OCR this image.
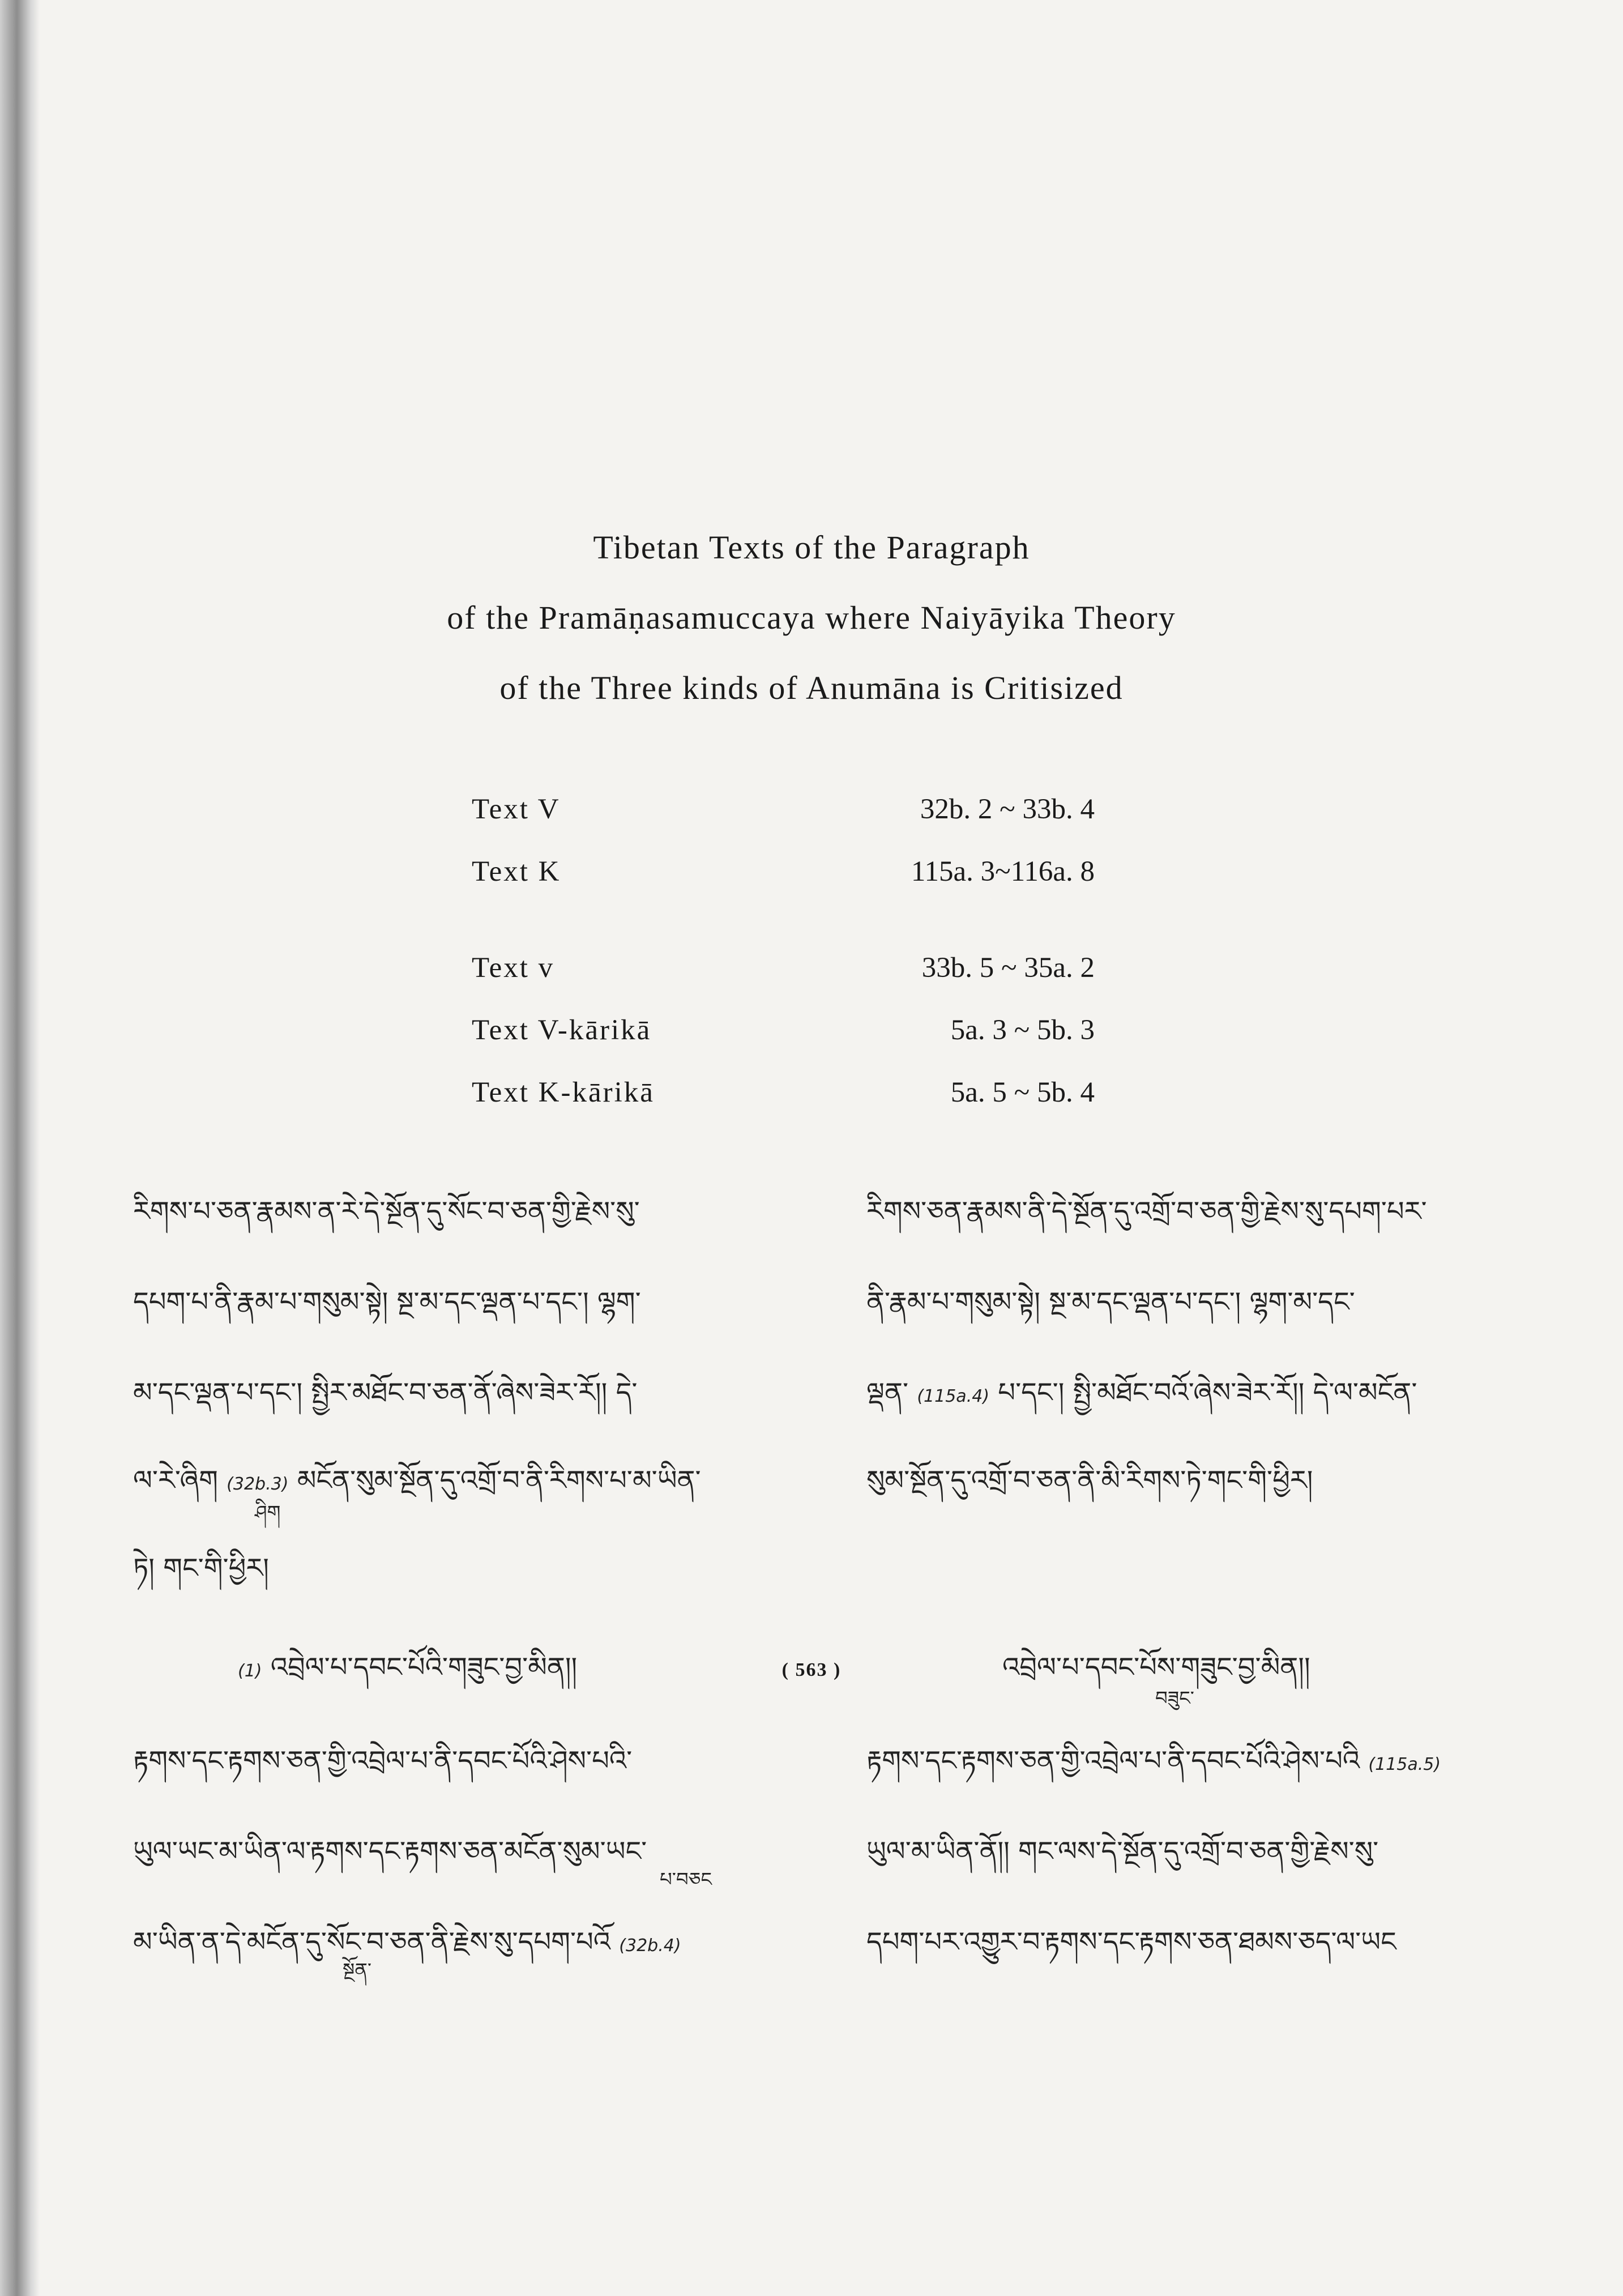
Tibetan Texts of the Paragraph
of the Pramāṇasamuccaya where Naiyāyika Theory
of the Three kinds of Anumāna is Critisized
Text V	32b. 2 ~ 33b. 4
Text K	115a. 3~116a. 8
Text v	33b. 5 ~ 35a. 2
Text V-kārikā	5a. 3 ~ 5b. 3
Text K-kārikā	5a. 5 ~ 5b. 4
རིགས་པ་ཅན་རྣམས་ན་རེ་དེ་སྔོན་དུ་སོང་བ་ཅན་གྱི་རྗེས་སུ་
དཔག་པ་ནི་རྣམ་པ་གསུམ་སྟེ། སྔ་མ་དང་ལྡན་པ་དང་། ལྷག་
མ་དང་ལྡན་པ་དང་། སྤྱིར་མཐོང་བ་ཅན་ནོ་ཞེས་ཟེར་རོ།། དེ་
ལ་རེ་ཞིག (32b.3) མངོན་སུམ་སྔོན་དུ་འགྲོ་བ་ནི་རིགས་པ་མ་ཡིན་
ཤིག
ཏེ། གང་གི་ཕྱིར།
(1) འབྲེལ་པ་དབང་པོའི་གཟུང་བྱ་མིན།།
རྟགས་དང་རྟགས་ཅན་གྱི་འབྲེལ་པ་ནི་དབང་པོའི་ཤེས་པའི་
ཡུལ་ཡང་མ་ཡིན་ལ་རྟགས་དང་རྟགས་ཅན་མངོན་སུམ་ཡང་
པ་བཅང
མ་ཡིན་ན་དེ་མངོན་དུ་སོང་བ་ཅན་ནི་རྗེས་སུ་དཔག་པའོ (32b.4)
སྔོན་
རིགས་ཅན་རྣམས་ནི་དེ་སྔོན་དུ་འགྲོ་བ་ཅན་གྱི་རྗེས་སུ་དཔག་པར་
ནི་རྣམ་པ་གསུམ་སྟེ། སྔ་མ་དང་ལྡན་པ་དང་། ལྷག་མ་དང་
ལྡན་ (115a.4) པ་དང་། སྤྱི་མཐོང་བའོ་ཞེས་ཟེར་རོ།། དེ་ལ་མངོན་
སུམ་སྔོན་དུ་འགྲོ་བ་ཅན་ནི་མི་རིགས་ཏེ་གང་གི་ཕྱིར།
འབྲེལ་པ་དབང་པོས་གཟུང་བྱ་མིན།།
བཟུང་
རྟགས་དང་རྟགས་ཅན་གྱི་འབྲེལ་པ་ནི་དབང་པོའི་ཤེས་པའི (115a.5)
ཡུལ་མ་ཡིན་ནོ།། གང་ལས་དེ་སྔོན་དུ་འགྲོ་བ་ཅན་གྱི་རྗེས་སུ་
དཔག་པར་འགྱུར་བ་རྟགས་དང་རྟགས་ཅན་ཐམས་ཅད་ལ་ཡང
( 563 )
